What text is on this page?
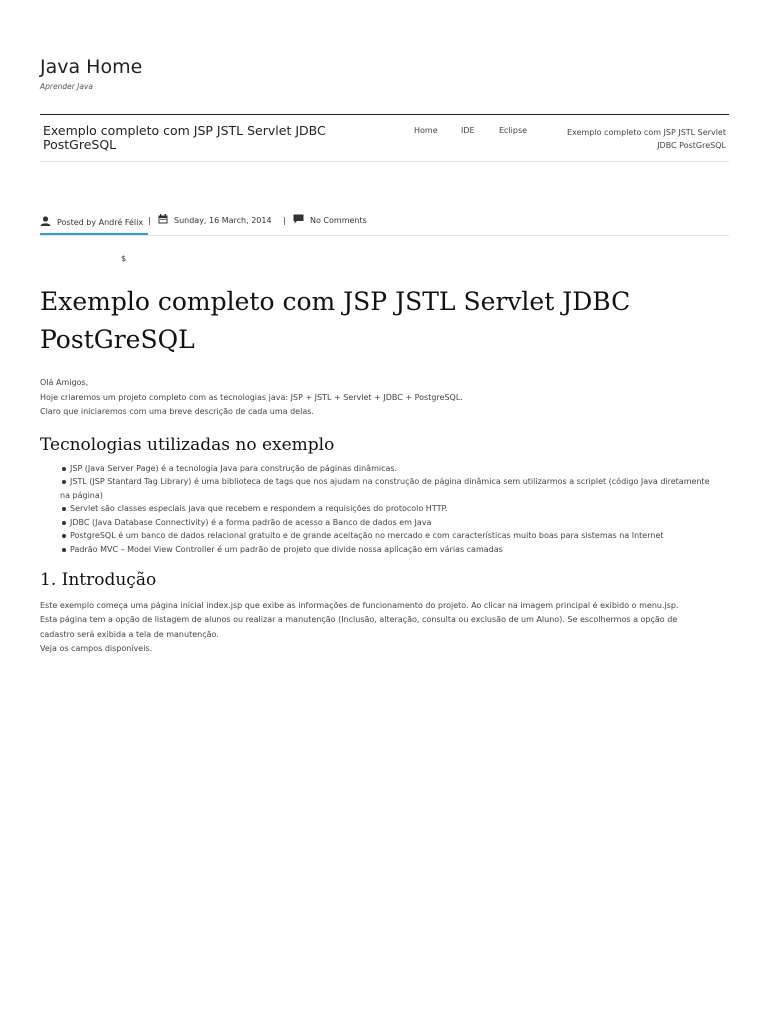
Java Home
Aprender Java
Exemplo completo com JSP JSTL Servlet JDBC PostGreSQL
Home	IDE	Eclipse	Exemplo completo com JSP JSTL Servlet JDBC PostGreSQL
Posted by
André Félix |	Sunday, 16 March, 2014 |	No Comments
$
Exemplo completo com JSP JSTL Servlet JDBC PostGreSQL

Olá Amigos,

Hoje criaremos um projeto completo com as tecnologias java: JSP + JSTL + Servlet + JDBC + PostgreSQL.

Claro que iniciaremos com uma breve descrição de cada uma delas.

Tecnologias utilizadas no exemplo
JSP (Java Server Page) é a tecnologia Java para construção de páginas dinâmicas.
JSTL (JSP Stantard Tag Library) é uma biblioteca de tags que nos ajudam na construção de página dinâmica sem utilizarmos a scriplet (código Java diretamente
na página)
Servlet são classes especiais java que recebem e respondem a requisições do protocolo HTTP.
JDBC (Java Database Connectivity) é a forma padrão de acesso a Banco de dados em Java
PostgreSQL é um banco de dados relacional gratuito e de grande aceitação no mercado e com características muito boas para sistemas na Internet
Padrão MVC – Model View Controller é um padrão de projeto que divide nossa aplicação em várias camadas
1. Introdução

Este exemplo começa uma página inicial index.jsp que exibe as informações de funcionamento do projeto. Ao clicar na imagem principal é exibido o menu.jsp.

Esta página tem a opção de listagem de alunos ou realizar a manutenção (Inclusão, alteração, consulta ou exclusão de um Aluno). Se escolhermos a opção de

cadastro será exibida a tela de manutenção.

Veja os campos disponíveis.
